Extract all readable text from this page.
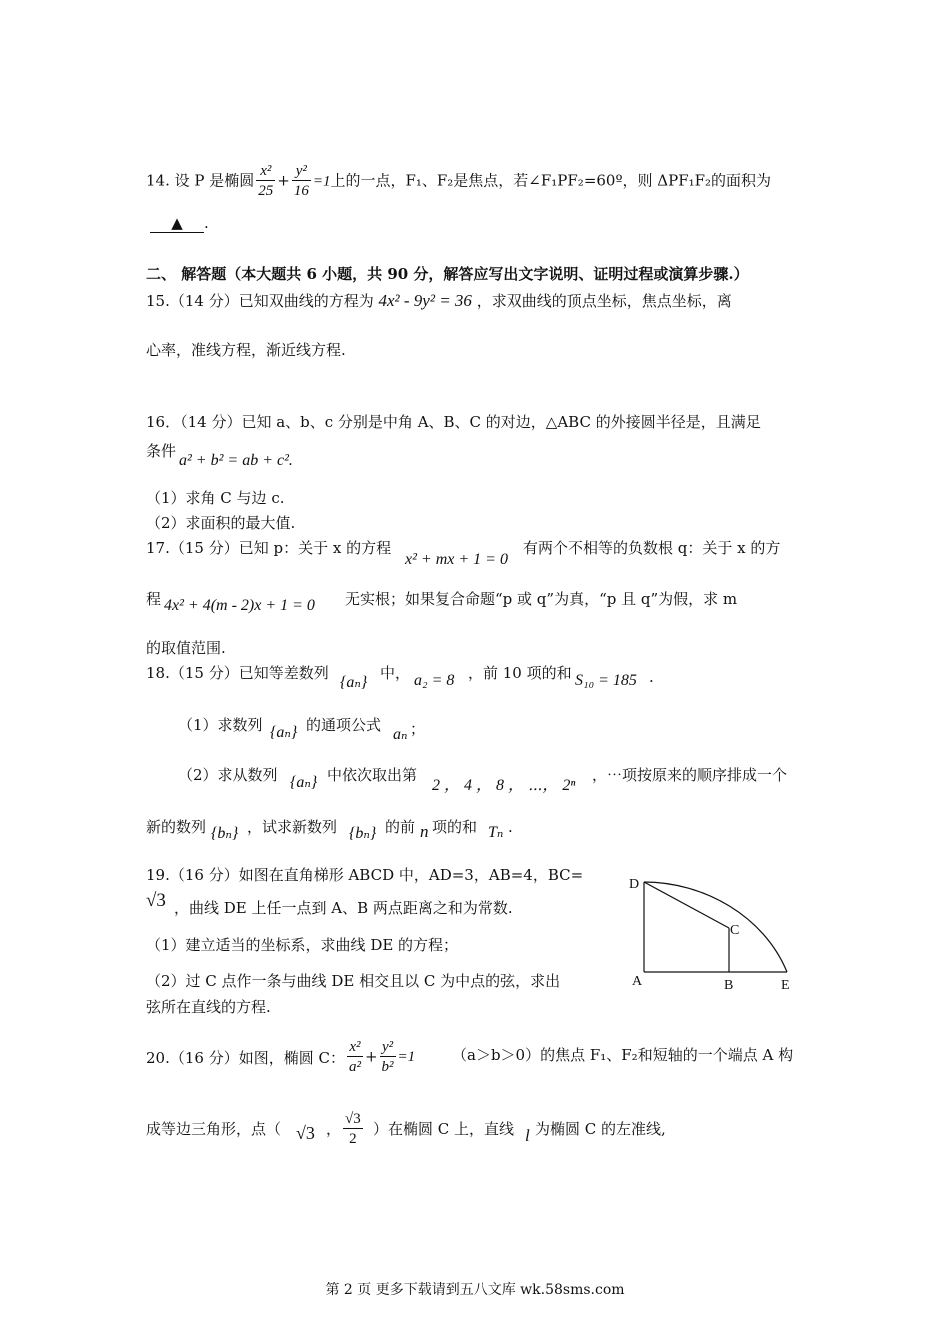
14. 设 P 是椭圆 $\frac{\text{x²}}{25} + \frac{\text{y²}}{16} =1$上的一点，F₁、F₂是焦点，若∠F₁PF₂=60º，则 ΔPF₁F₂的面积为
▲ .
二、 解答题（本大题共 6 小题，共 90 分，解答应写出文字说明、证明过程或演算步骤.）
15.（14 分）已知双曲线的方程为 4x² - 9y² = 36 ，求双曲线的顶点坐标，焦点坐标，离
心率，准线方程，渐近线方程.
16．（14 分）已知 a、b、c 分别是中角 A、B、C 的对边，△ABC 的外接圆半径是，且满足
条件
a² + b² = ab + c².
（1）求角 C 与边 c.
（2）求面积的最大值.
17.（15 分）已知 p：关于 x 的方程
x² + mx + 1 = 0
有两个不相等的负数根 q：关于 x 的方
程 4x² + 4(m - 2)x + 1 = 0 无实根；如果复合命题“p 或 q”为真，“p 且 q”为假，求 m
的取值范围.
18.（15 分）已知等差数列
{aₙ}
中， a₂ = 8 ，前 10 项的和 S₁₀ = 185 .
（1）求数列 {aₙ} 的通项公式
aₙ ；
（2）求从数列 {aₙ} 中依次取出第
2 ， 4 ， 8 ， ⋯， 2ⁿ
，⋯项按原来的顺序排成一个
新的数列 {bₙ} ，试求新数列 {bₙ} 的前 n 项的和 Tₙ .
19.（16 分）如图在直角梯形 ABCD 中，AD=3，AB=4，BC=
√3 ，曲线 DE 上任一点到 A、B 两点距离之和为常数.
（1）建立适当的坐标系，求曲线 DE 的方程；
（2）过 C 点作一条与曲线 DE 相交且以 C 为中点的弦，求出
弦所在直线的方程.
D
C
A	B	E
20.（16 分）如图，椭圆 C： $\frac{\text{x²}}{\text{a²}} + \frac{\text{y²}}{\text{b²}} =1$ （a＞b＞0）的焦点 F₁、F₂和短轴的一个端点 A 构
成等边三角形，点（ √3 ， $\frac{√3}{2}$ ）在椭圆 C 上，直线 l 为椭圆 C 的左准线,
第 2 页 更多下载请到五八文库 wk.58sms.com
